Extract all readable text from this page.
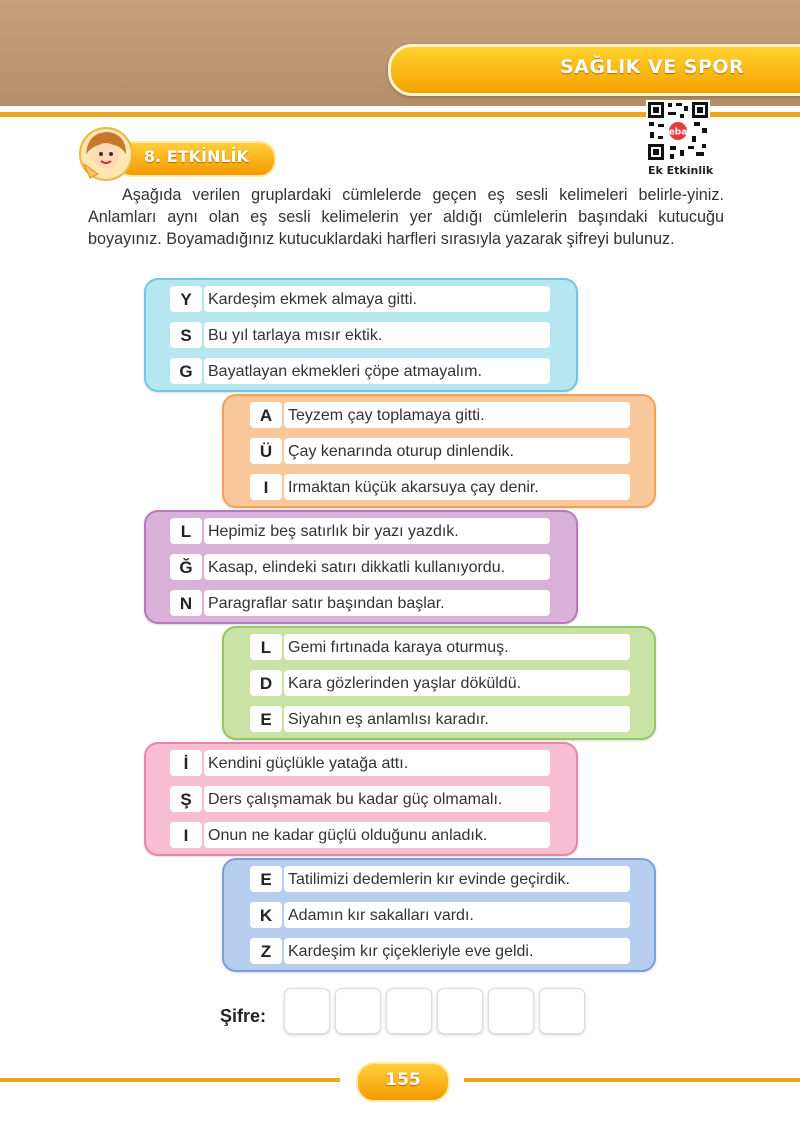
SAĞLIK VE SPOR
eba
Ek Etkinlik
8. ETKİNLİK
Aşağıda verilen gruplardaki cümlelerde geçen eş sesli kelimeleri belirle-yiniz. Anlamları aynı olan eş sesli kelimelerin yer aldığı cümlelerin başındaki kutucuğu boyayınız. Boyamadığınız kutucuklardaki harfleri sırasıyla yazarak şifreyi bulunuz.
Y	Kardeşim ekmek almaya gitti.
S	Bu yıl tarlaya mısır ektik.
G Bayatlayan ekmekleri çöpe atmayalım.
A Teyzem çay toplamaya gitti.
Ü Çay kenarında oturup dinlendik.
I	Irmaktan küçük akarsuya çay denir.
L	Hepimiz beş satırlık bir yazı yazdık.
Ğ Kasap, elindeki satırı dikkatli kullanıyordu.
N Paragraflar satır başından başlar.
L	Gemi fırtınada karaya oturmuş.
D Kara gözlerinden yaşlar döküldü.
E	Siyahın eş anlamlısı karadır.
İ	Kendini güçlükle yatağa attı.
Ş	Ders çalışmamak bu kadar güç olmamalı.
I	Onun ne kadar güçlü olduğunu anladık.
E	Tatilimizi dedemlerin kır evinde geçirdik.
K Adamın kır sakalları vardı.
Z	Kardeşim kır çiçekleriyle eve geldi.
Şifre:
155
